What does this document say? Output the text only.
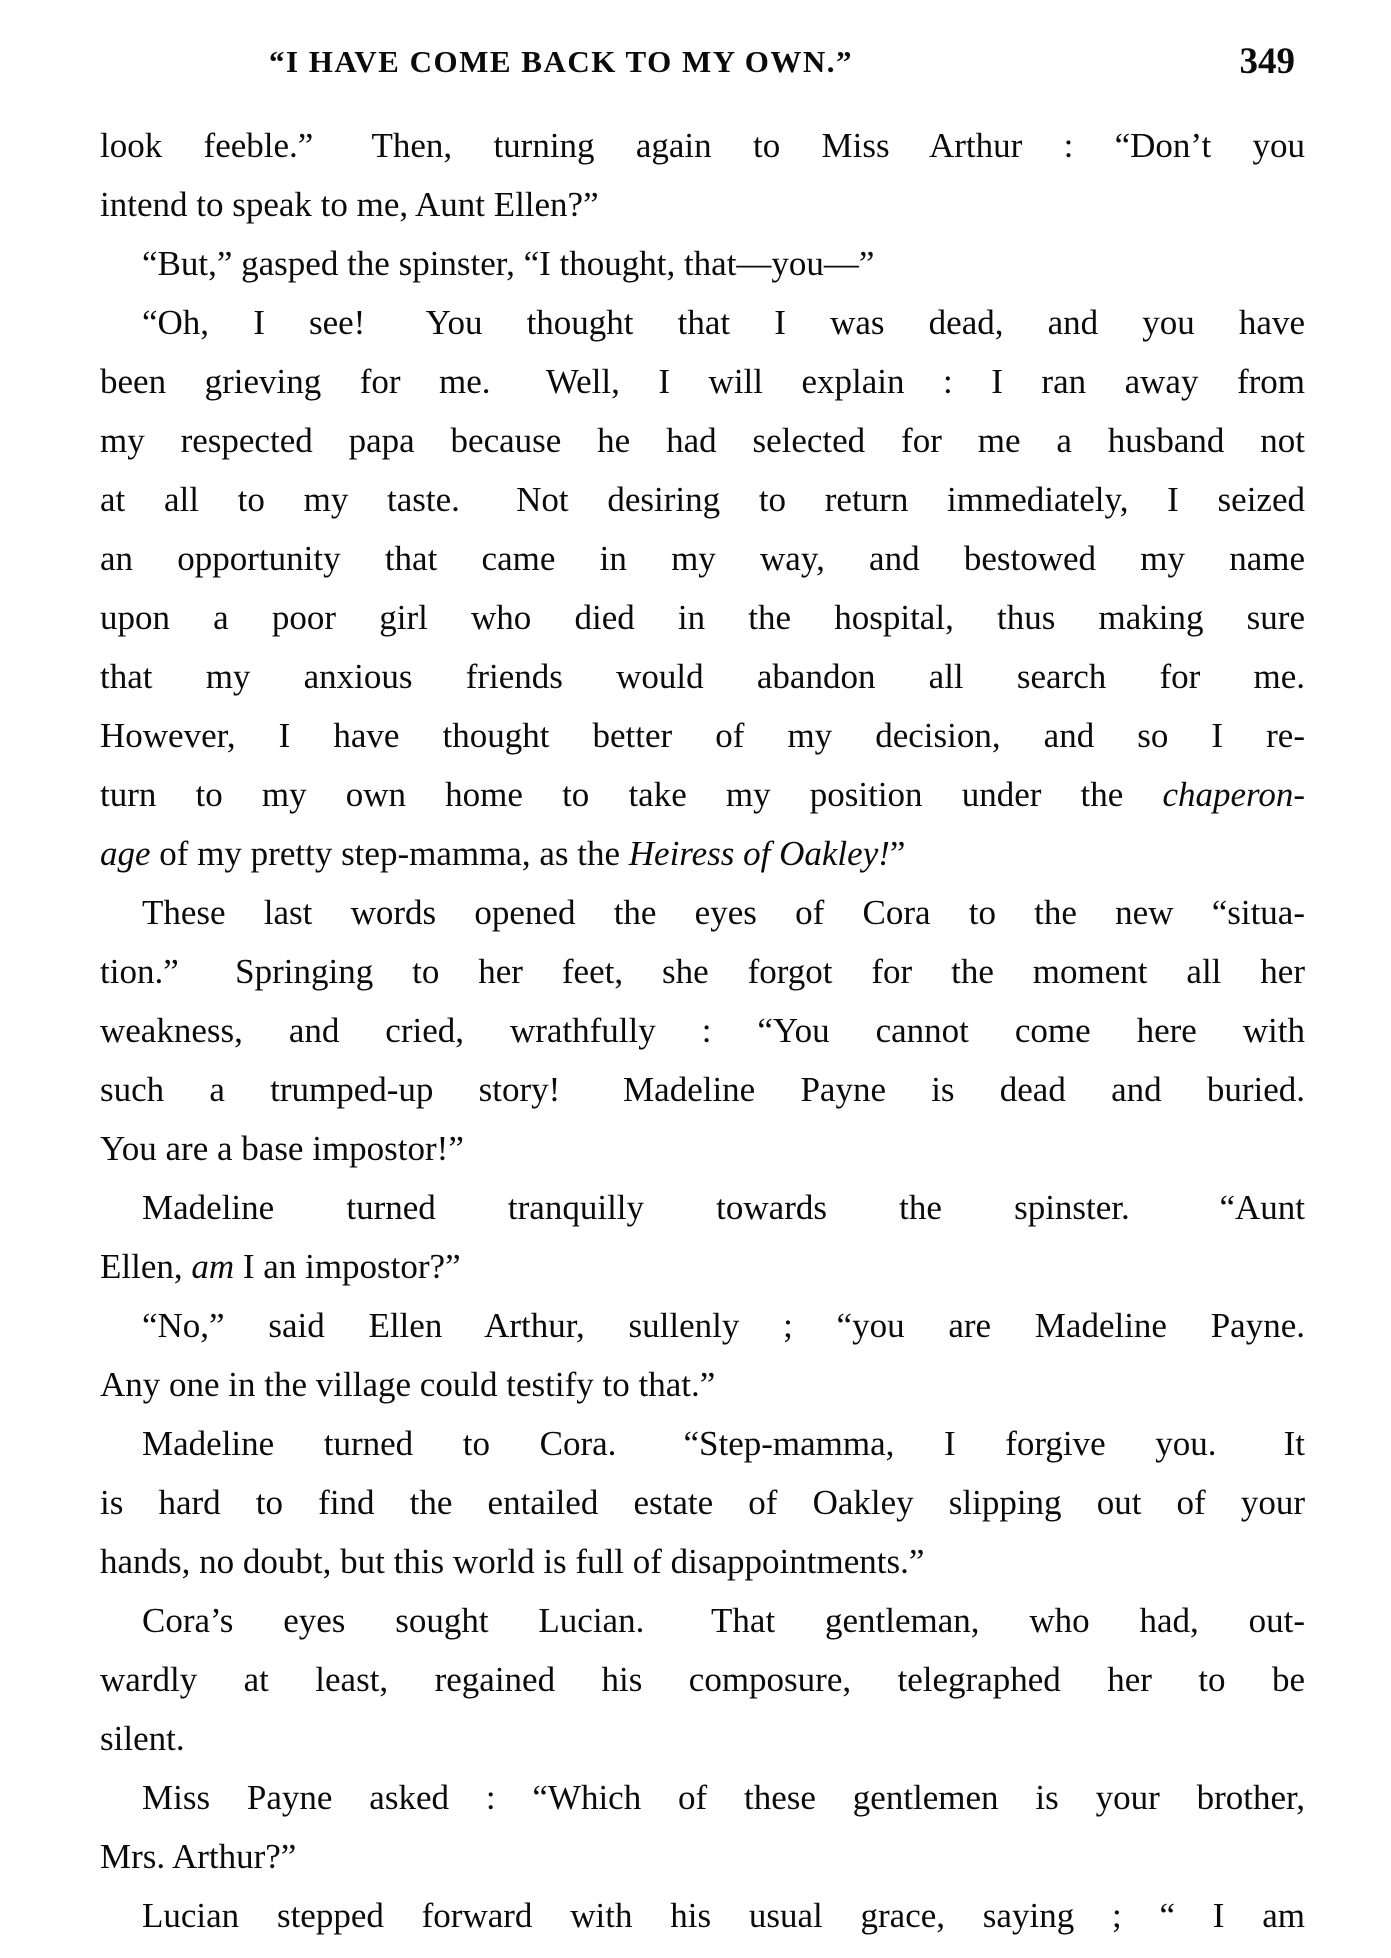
“I HAVE COME BACK TO MY OWN.”	349
look feeble.”  Then, turning again to Miss Arthur : “Don’t you
intend to speak to me, Aunt Ellen?”
“But,” gasped the spinster, “I thought, that—you—”
“Oh, I see!  You thought that I was dead, and you have
been grieving for me.  Well, I will explain : I ran away from
my respected papa because he had selected for me a husband not
at all to my taste.  Not desiring to return immediately, I seized
an opportunity that came in my way, and bestowed my name
upon a poor girl who died in the hospital, thus making sure
that my anxious friends would abandon all search for me.
However, I have thought better of my decision, and so I re-
turn to my own home to take my position under the chaperon-
age of my pretty step-mamma, as the Heiress of Oakley!”
These last words opened the eyes of Cora to the new “situa-
tion.”  Springing to her feet, she forgot for the moment all her
weakness, and cried, wrathfully : “You cannot come here with
such a trumped-up story!  Madeline Payne is dead and buried.
You are a base impostor!”
Madeline turned tranquilly towards the spinster.  “Aunt
Ellen, am I an impostor?”
“No,” said Ellen Arthur, sullenly ; “you are Madeline Payne.
Any one in the village could testify to that.”
Madeline turned to Cora.  “Step-mamma, I forgive you.  It
is hard to find the entailed estate of Oakley slipping out of your
hands, no doubt, but this world is full of disappointments.”
Cora’s eyes sought Lucian.  That gentleman, who had, out-
wardly at least, regained his composure, telegraphed her to be
silent.
Miss Payne asked : “Which of these gentlemen is your brother,
Mrs. Arthur?”
Lucian stepped forward with his usual grace, saying ; “ I am
